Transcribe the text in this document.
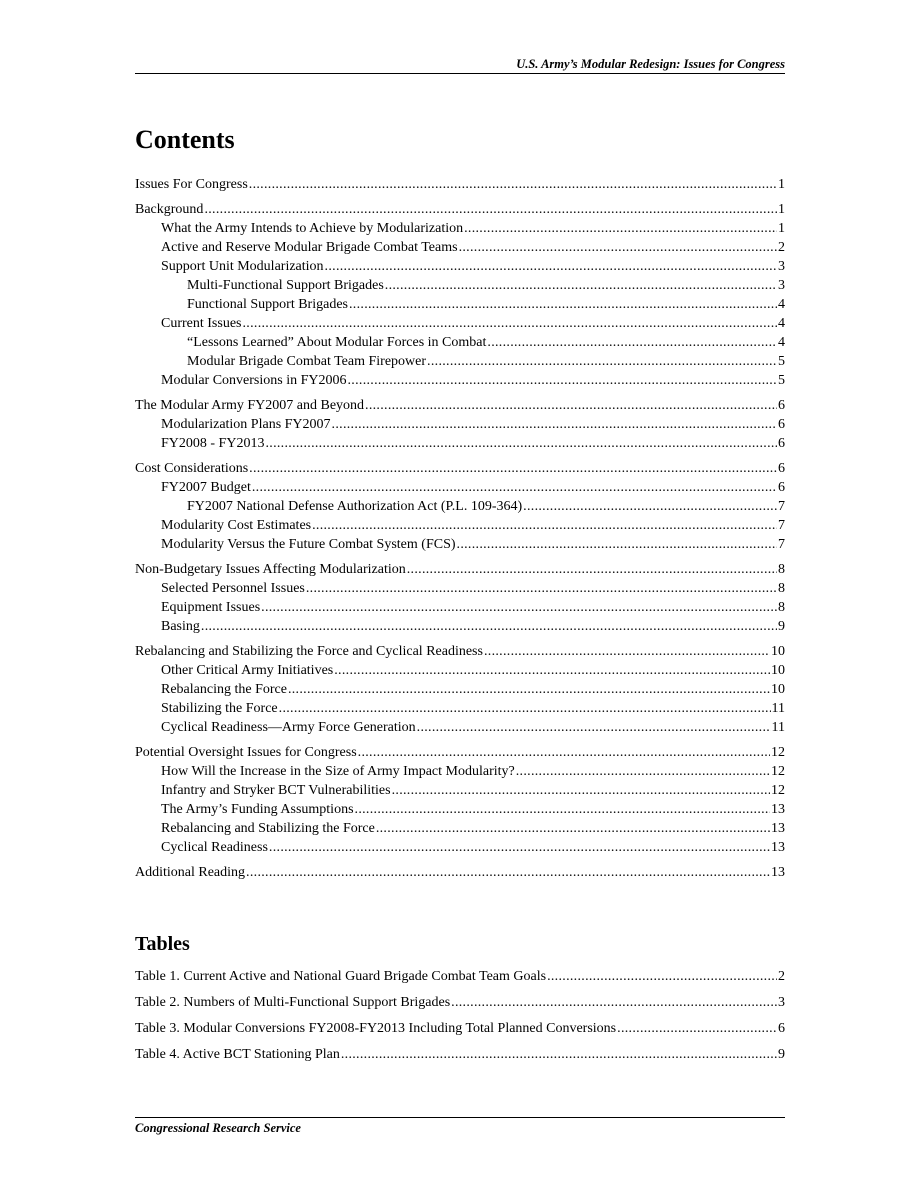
U.S. Army’s Modular Redesign: Issues for Congress
Contents
Issues For Congress . . .	1
Background . . .	1
What the Army Intends to Achieve by Modularization . . .	1
Active and Reserve Modular Brigade Combat Teams . . .	2
Support Unit Modularization . . .	3
Multi-Functional Support Brigades . . .	3
Functional Support Brigades . . .	4
Current Issues . . .	4
“Lessons Learned” About Modular Forces in Combat . . .	4
Modular Brigade Combat Team Firepower . . .	5
Modular Conversions in FY2006 . . .	5
The Modular Army FY2007 and Beyond . . .	6
Modularization Plans FY2007 . . .	6
FY2008 - FY2013 . . .	6
Cost Considerations . . .	6
FY2007 Budget . . .	6
FY2007 National Defense Authorization Act (P.L. 109-364) . . .	7
Modularity Cost Estimates . . .	7
Modularity Versus the Future Combat System (FCS) . . .	7
Non-Budgetary Issues Affecting Modularization . . .	8
Selected Personnel Issues . . .	8
Equipment Issues . . .	8
Basing . . .	9
Rebalancing and Stabilizing the Force and Cyclical Readiness . . .	10
Other Critical Army Initiatives . . .	10
Rebalancing the Force . . .	10
Stabilizing the Force . . .	11
Cyclical Readiness—Army Force Generation . . .	11
Potential Oversight Issues for Congress . . .	12
How Will the Increase in the Size of Army Impact Modularity? . . .	12
Infantry and Stryker BCT Vulnerabilities . . .	12
The Army’s Funding Assumptions . . .	13
Rebalancing and Stabilizing the Force . . .	13
Cyclical Readiness . . .	13
Additional Reading . . .	13
Tables
Table 1. Current Active and National Guard Brigade Combat Team Goals . . .	2
Table 2. Numbers of Multi-Functional Support Brigades . . .	3
Table 3. Modular Conversions FY2008-FY2013 Including Total Planned Conversions . . .	6
Table 4. Active BCT Stationing Plan . . .	9
Congressional Research Service
